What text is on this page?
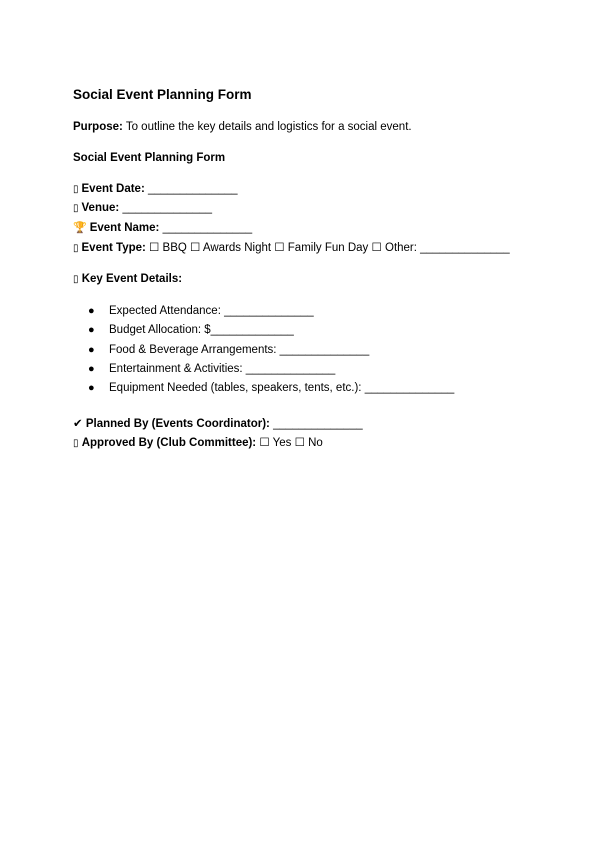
Social Event Planning Form
Purpose: To outline the key details and logistics for a social event.
Social Event Planning Form
▯ Event Date: ______________
▯ Venue: ______________
🏆 Event Name: ______________
▯ Event Type: ☐ BBQ ☐ Awards Night ☐ Family Fun Day ☐ Other: ______________
▯ Key Event Details:
● Expected Attendance: ______________
● Budget Allocation: $_____________
● Food & Beverage Arrangements: ______________
● Entertainment & Activities: ______________
● Equipment Needed (tables, speakers, tents, etc.): ______________
✔ Planned By (Events Coordinator): ______________
▯ Approved By (Club Committee): ☐ Yes ☐ No
